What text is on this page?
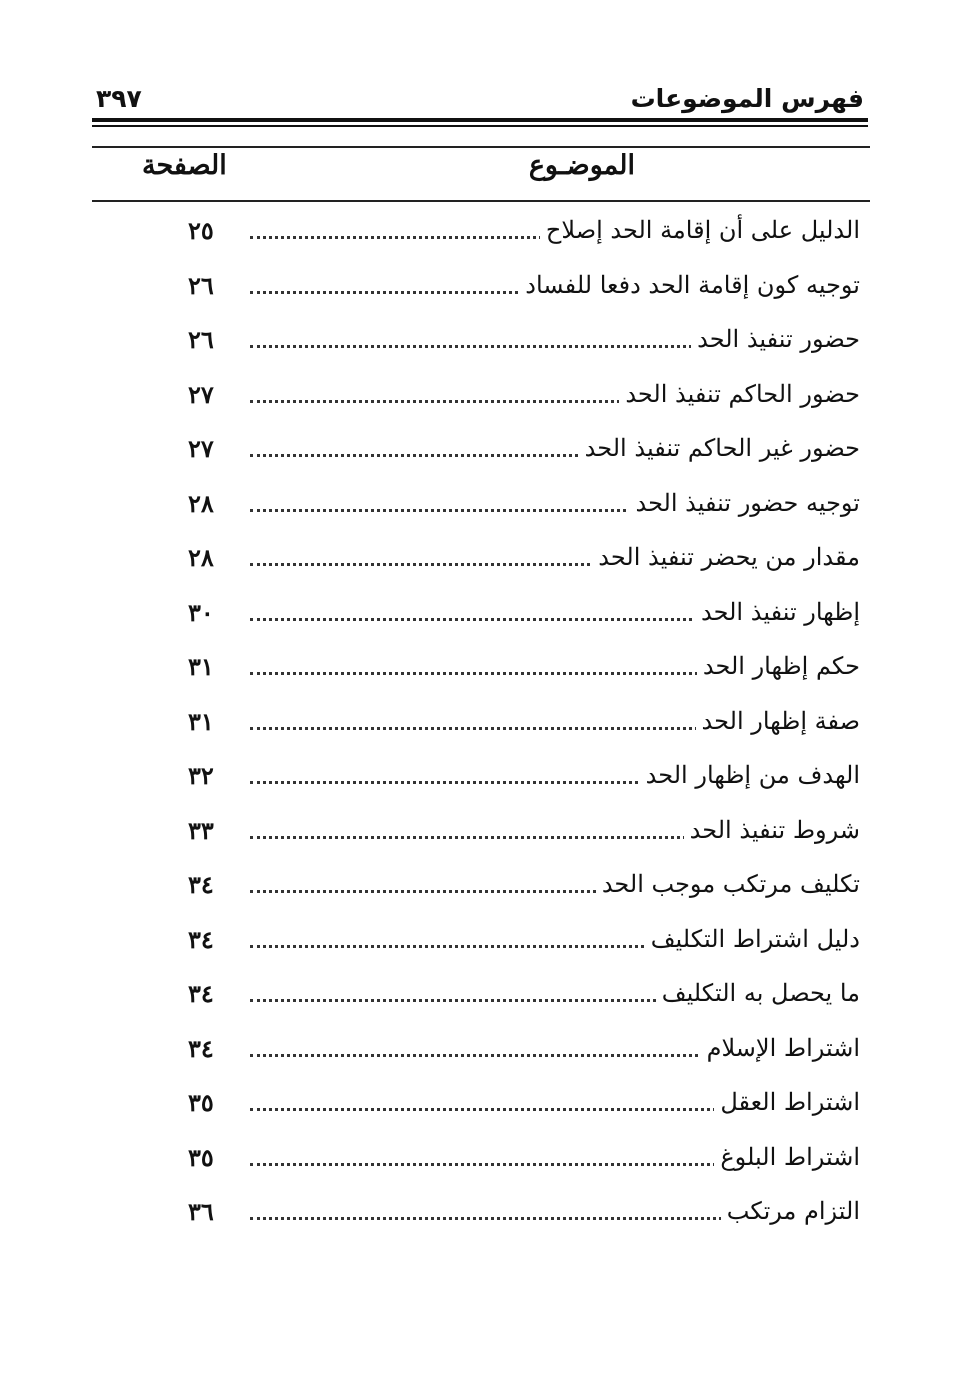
فهرس الموضوعات
٣٩٧
الموضـوع
الصفحة
الدليل على أن إقامة الحد إصلاح
٢٥
توجيه كون إقامة الحد دفعا للفساد
٢٦
حضور تنفيذ الحد
٢٦
حضور الحاكم تنفيذ الحد
٢٧
حضور غير الحاكم تنفيذ الحد
٢٧
توجيه حضور تنفيذ الحد
٢٨
مقدار من يحضر تنفيذ الحد
٢٨
إظهار تنفيذ الحد
٣٠
حكم إظهار الحد
٣١
صفة إظهار الحد
٣١
الهدف من إظهار الحد
٣٢
شروط تنفيذ الحد
٣٣
تكليف مرتكب موجب الحد
٣٤
دليل اشتراط التكليف
٣٤
ما يحصل به التكليف
٣٤
اشتراط الإسلام
٣٤
اشتراط العقل
٣٥
اشتراط البلوغ
٣٥
التزام مرتكب
٣٦
